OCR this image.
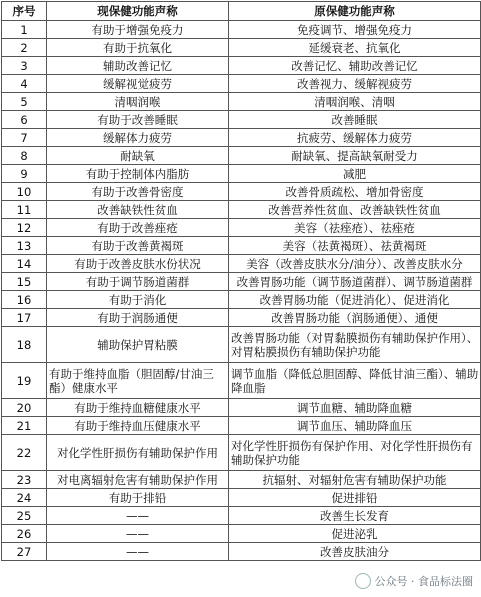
序号	现保健功能声称	原保健功能声称
1	有助于增强免疫力	免疫调节、增强免疫力
2	有助于抗氧化	延缓衰老、抗氧化
3	辅助改善记忆	改善记忆、辅助改善记忆
4	缓解视觉疲劳	改善视力、缓解视疲劳
5	清咽润喉	清咽润喉、清咽
6	有助于改善睡眠	改善睡眠
7	缓解体力疲劳	抗疲劳、缓解体力疲劳
8	耐缺氧	耐缺氧、提高缺氧耐受力
9	有助于控制体内脂肪	减肥
10	有助于改善骨密度	改善骨质疏松、增加骨密度
11	改善缺铁性贫血	改善营养性贫血、改善缺铁性贫血
12	有助于改善痤疮	美容（祛痤疮）、祛痤疮
13	有助于改善黄褐斑	美容（祛黄褐斑）、祛黄褐斑
14	有助于改善皮肤水份状况	美容（改善皮肤水分/油分）、改善皮肤水分
15	有助于调节肠道菌群	改善胃肠功能（调节肠道菌群）、调节肠道菌群
16	有助于消化	改善胃肠功能（促进消化）、促进消化
17	有助于润肠通便	改善胃肠功能（润肠通便）、通便
18	辅助保护胃粘膜	改善胃肠功能（对胃黏膜损伤有辅助保护作用）、对胃粘膜损伤有辅助保护功能
19	有助于维持血脂（胆固醇/甘油三酯）健康水平	调节血脂（降低总胆固醇、降低甘油三酯）、辅助降血脂
20	有助于维持血糖健康水平	调节血糖、辅助降血糖
21	有助于维持血压健康水平	调节血压、辅助降血压
22	对化学性肝损伤有辅助保护作用	对化学性肝损伤有保护作用、对化学性肝损伤有辅助保护功能
23	对电离辐射危害有辅助保护作用	抗辐射、对辐射危害有辅助保护功能
24	有助于排铅	促进排铅
25	——	改善生长发育
26	——	促进泌乳
27	——	改善皮肤油分
公众号 · 食品标法圈
